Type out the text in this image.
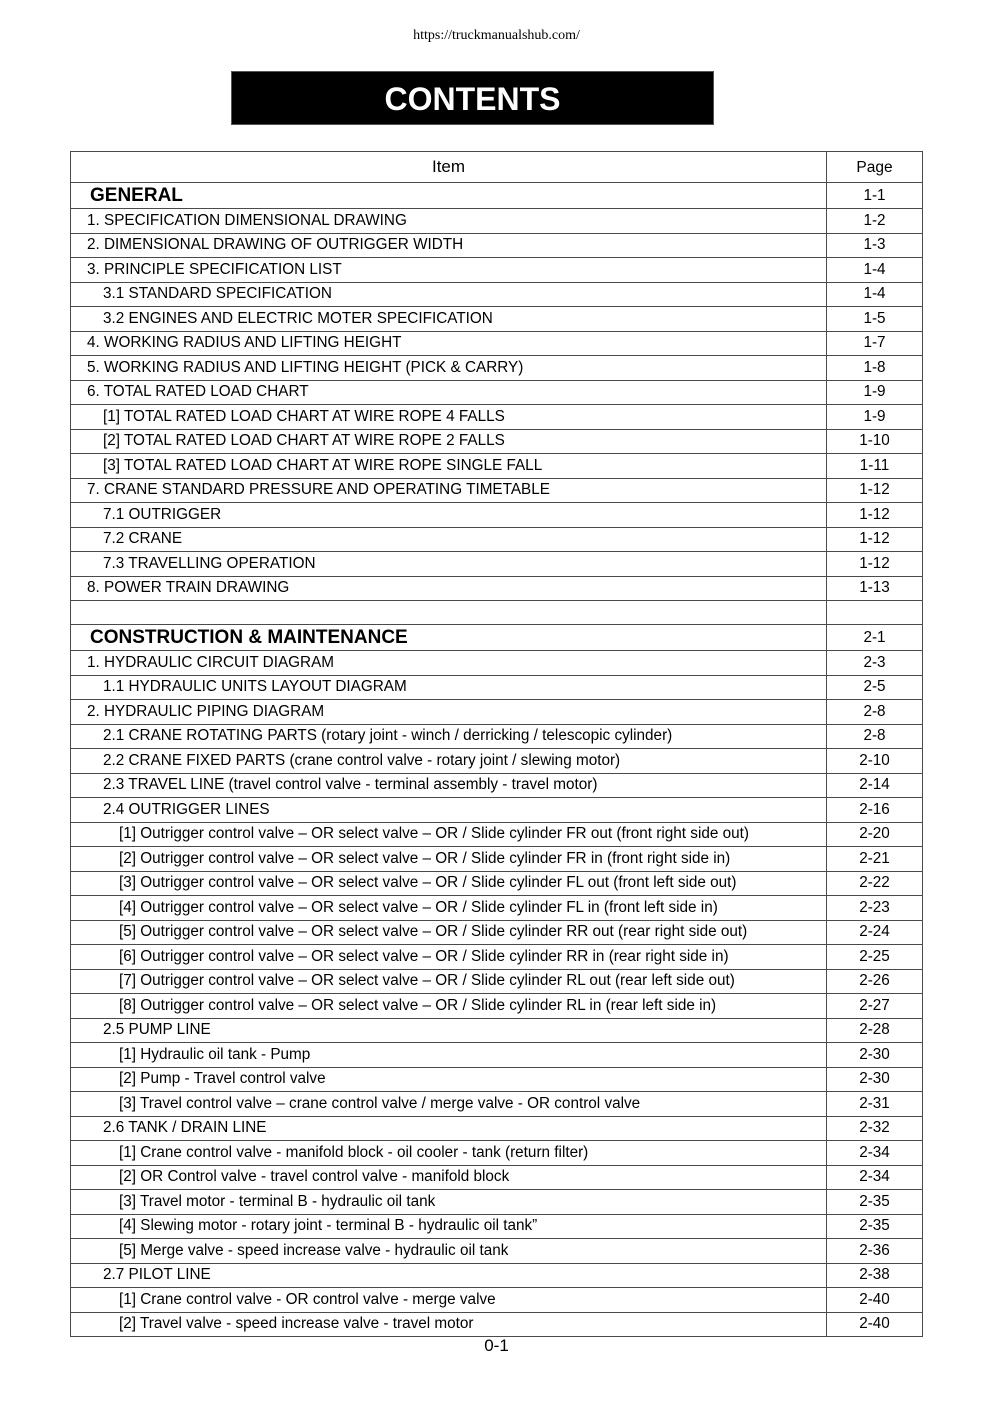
https://truckmanualshub.com/
CONTENTS
Item	Page
GENERAL	1-1
1. SPECIFICATION DIMENSIONAL DRAWING	1-2
2. DIMENSIONAL DRAWING OF OUTRIGGER WIDTH	1-3
3. PRINCIPLE SPECIFICATION LIST	1-4
3.1 STANDARD SPECIFICATION	1-4
3.2 ENGINES AND ELECTRIC MOTER SPECIFICATION	1-5
4. WORKING RADIUS AND LIFTING HEIGHT	1-7
5. WORKING RADIUS AND LIFTING HEIGHT (PICK & CARRY)	1-8
6. TOTAL RATED LOAD CHART	1-9
[1] TOTAL RATED LOAD CHART AT WIRE ROPE 4 FALLS	1-9
[2] TOTAL RATED LOAD CHART AT WIRE ROPE 2 FALLS	1-10
[3] TOTAL RATED LOAD CHART AT WIRE ROPE SINGLE FALL	1-11
7. CRANE STANDARD PRESSURE AND OPERATING TIMETABLE	1-12
7.1 OUTRIGGER	1-12
7.2 CRANE	1-12
7.3 TRAVELLING OPERATION	1-12
8. POWER TRAIN DRAWING	1-13

CONSTRUCTION & MAINTENANCE	2-1
1. HYDRAULIC CIRCUIT DIAGRAM	2-3
1.1 HYDRAULIC UNITS LAYOUT DIAGRAM	2-5
2. HYDRAULIC PIPING DIAGRAM	2-8
2.1 CRANE ROTATING PARTS (rotary joint - winch / derricking / telescopic cylinder)	2-8
2.2 CRANE FIXED PARTS (crane control valve - rotary joint / slewing motor)	2-10
2.3 TRAVEL LINE (travel control valve - terminal assembly - travel motor)	2-14
2.4 OUTRIGGER LINES	2-16
[1] Outrigger control valve – OR select valve – OR / Slide cylinder FR out (front right side out)	2-20
[2] Outrigger control valve – OR select valve – OR / Slide cylinder FR in (front right side in)	2-21
[3] Outrigger control valve – OR select valve – OR / Slide cylinder FL out (front left side out)	2-22
[4] Outrigger control valve – OR select valve – OR / Slide cylinder FL in (front left side in)	2-23
[5] Outrigger control valve – OR select valve – OR / Slide cylinder RR out (rear right side out)	2-24
[6] Outrigger control valve – OR select valve – OR / Slide cylinder RR in (rear right side in)	2-25
[7] Outrigger control valve – OR select valve – OR / Slide cylinder RL out (rear left side out)	2-26
[8] Outrigger control valve – OR select valve – OR / Slide cylinder RL in (rear left side in)	2-27
2.5 PUMP LINE	2-28
[1] Hydraulic oil tank - Pump	2-30
[2] Pump - Travel control valve	2-30
[3] Travel control valve – crane control valve / merge valve - OR control valve	2-31
2.6 TANK / DRAIN LINE	2-32
[1] Crane control valve - manifold block - oil cooler - tank (return filter)	2-34
[2] OR Control valve - travel control valve - manifold block	2-34
[3] Travel motor - terminal B - hydraulic oil tank	2-35
[4] Slewing motor - rotary joint - terminal B - hydraulic oil tank”	2-35
[5] Merge valve - speed increase valve - hydraulic oil tank	2-36
2.7 PILOT LINE	2-38
[1] Crane control valve - OR control valve - merge valve	2-40
[2] Travel valve - speed increase valve - travel motor	2-40
0-1
